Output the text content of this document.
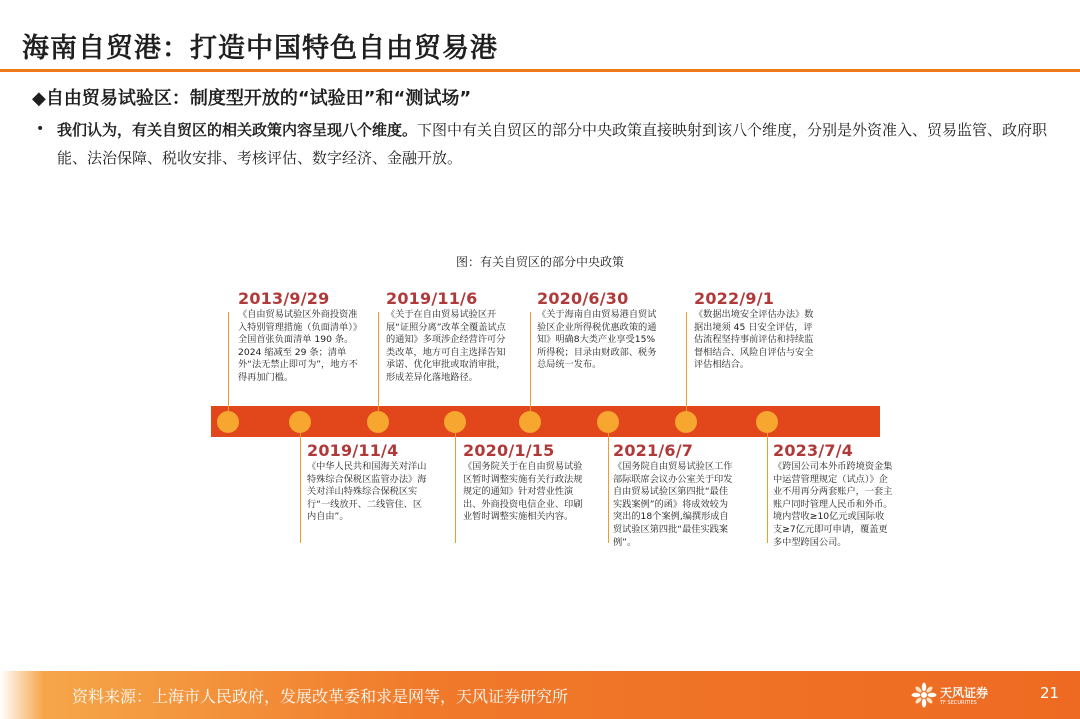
海南自贸港：打造中国特色自由贸易港
◆自由贸易试验区：制度型开放的“试验田”和“测试场”
• 我们认为，有关自贸区的相关政策内容呈现八个维度。下图中有关自贸区的部分中央政策直接映射到该八个维度，分别是外资准入、贸易监管、政府职能、法治保障、税收安排、考核评估、数字经济、金融开放。
图：有关自贸区的部分中央政策
2013/9/29
《自由贸易试验区外商投资准入特别管理措施（负面清单）》全国首张负面清单 190 条。2024 缩减至 29 条；清单外“法无禁止即可为”，地方不得再加门槛。
2019/11/4
《中华人民共和国海关对洋山特殊综合保税区监管办法》海关对洋山特殊综合保税区实行“一线放开、二线管住、区内自由”。
2019/11/6
《关于在自由贸易试验区开展“证照分离”改革全覆盖试点的通知》多项涉企经营许可分类改革，地方可自主选择告知承诺、优化审批或取消审批，形成差异化落地路径。
2020/1/15
《国务院关于在自由贸易试验区暂时调整实施有关行政法规规定的通知》针对营业性演出、外商投资电信企业、印刷业暂时调整实施相关内容。
2020/6/30
《关于海南自由贸易港自贸试验区企业所得税优惠政策的通知》明确8大类产业享受15%所得税；目录由财政部、税务总局统一发布。
2021/6/7
《国务院自由贸易试验区工作部际联席会议办公室关于印发自由贸易试验区第四批“最佳实践案例”的函》将成效较为突出的18个案例,编撰形成自贸试验区第四批“最佳实践案例”。
2022/9/1
《数据出境安全评估办法》数据出境须 45 日安全评估，评估流程坚持事前评估和持续监督相结合、风险自评估与安全评估相结合。
2023/7/4
《跨国公司本外币跨境资金集中运营管理规定（试点）》企业不用再分两套账户，一套主账户同时管理人民币和外币。境内营收≥10亿元或国际收支≥7亿元即可申请，覆盖更多中型跨国公司。
资料来源：上海市人民政府，发展改革委和求是网等，天风证券研究所	天风证券
TF SECURITIES
21
